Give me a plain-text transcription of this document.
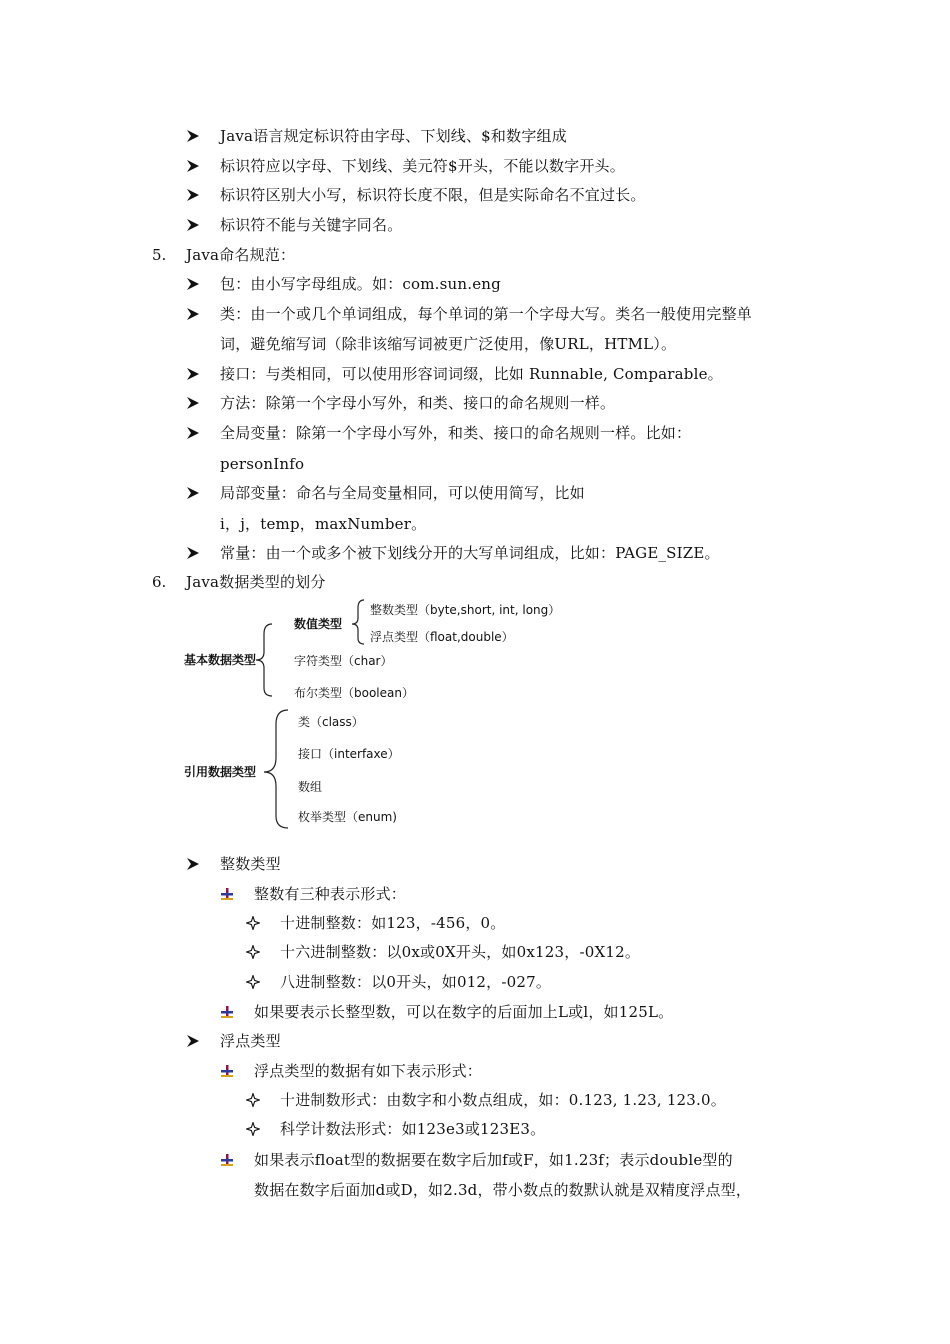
Java语言规定标识符由字母、下划线、$和数字组成
标识符应以字母、下划线、美元符$开头，不能以数字开头。
标识符区别大小写，标识符长度不限，但是实际命名不宜过长。
标识符不能与关键字同名。
5. Java命名规范：
包：由小写字母组成。如：com.sun.eng
类：由一个或几个单词组成，每个单词的第一个字母大写。类名一般使用完整单
词，避免缩写词（除非该缩写词被更广泛使用，像URL，HTML）。
接口：与类相同，可以使用形容词词缀，比如 Runnable, Comparable。
方法：除第一个字母小写外，和类、接口的命名规则一样。
全局变量：除第一个字母小写外，和类、接口的命名规则一样。比如：
personInfo
局部变量：命名与全局变量相同，可以使用简写，比如
i，j，temp，maxNumber。
常量：由一个或多个被下划线分开的大写单词组成，比如：PAGE_SIZE。
6. Java数据类型的划分
基本数据类型
数值类型
整数类型（byte,short, int, long）
浮点类型（float,double）
字符类型（char）
布尔类型（boolean）
引用数据类型
类（class）
接口（interfaxe）
数组
枚举类型（enum)
整数类型
整数有三种表示形式：
十进制整数：如123，-456，0。
十六进制整数：以0x或0X开头，如0x123，-0X12。
八进制整数：以0开头，如012，-027。
如果要表示长整型数，可以在数字的后面加上L或l，如125L。
浮点类型
浮点类型的数据有如下表示形式：
十进制数形式：由数字和小数点组成，如：0.123, 1.23, 123.0。
科学计数法形式：如123e3或123E3。
如果表示float型的数据要在数字后加f或F，如1.23f；表示double型的
数据在数字后面加d或D，如2.3d，带小数点的数默认就是双精度浮点型，
